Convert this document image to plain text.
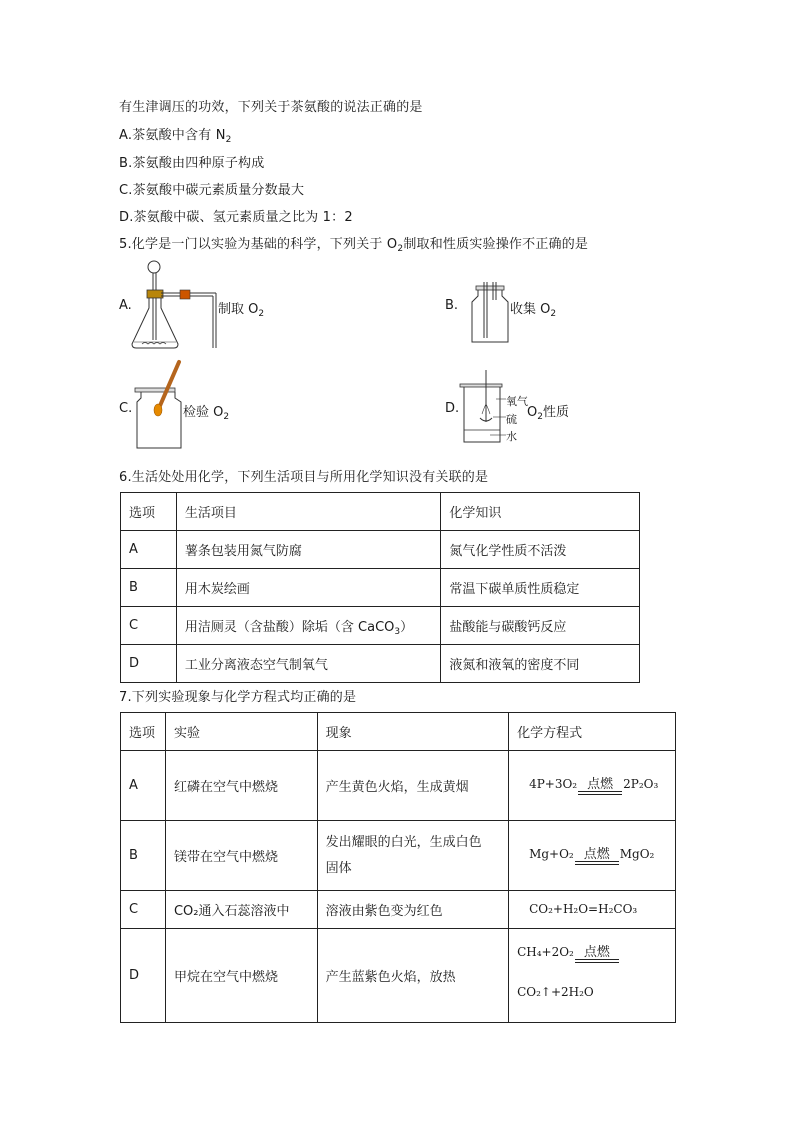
有生津调压的功效，下列关于茶氨酸的说法正确的是
A.茶氨酸中含有 $N_2$
B.茶氨酸由四种原子构成
C.茶氨酸中碳元素质量分数最大
D.茶氨酸中碳、氢元素质量之比为 1：2
5.化学是一门以实验为基础的科学，下列关于 $O_2$制取和性质实验操作不正确的是
A.	制取 $O_2$
B.	收集 $O_2$
C.	检验 $O_2$
D.	氧气
硫
水
$O_2$性质
6.生活处处用化学，下列生活项目与所用化学知识没有关联的是
选项	生活项目	化学知识
A	薯条包装用氮气防腐	氮气化学性质不活泼
B	用木炭绘画	常温下碳单质性质稳定
C	用洁厕灵（含盐酸）除垢（含 CaCO$_3$）	盐酸能与碳酸钙反应
D	工业分离液态空气制氧气	液氮和液氧的密度不同
7.下列实验现象与化学方程式均正确的是
选项	实验	现象	化学方程式
A	红磷在空气中燃烧	产生黄色火焰，生成黄烟	4P+3O₂ 点燃 2P₂O₃
B	镁带在空气中燃烧	发出耀眼的白光，生成白色
固体	Mg+O₂ 点燃 MgO₂
C	CO₂通入石蕊溶液中	溶液由紫色变为红色	CO₂+H₂O=H₂CO₃
D	甲烷在空气中燃烧	产生蓝紫色火焰，放热	CH₄+2O₂ 点燃
CO₂↑+2H₂O
